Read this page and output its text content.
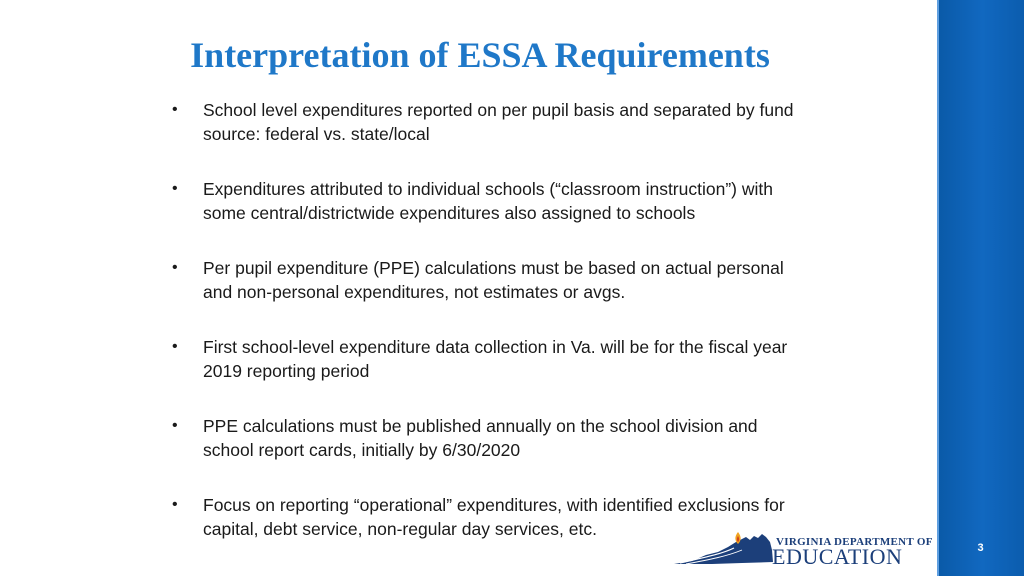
Interpretation of ESSA Requirements
• School level expenditures reported on per pupil basis and separated by fund source: federal vs. state/local
• Expenditures attributed to individual schools (“classroom instruction”) with some central/districtwide expenditures also assigned to schools
• Per pupil expenditure (PPE) calculations must be based on actual personal and non-personal expenditures, not estimates or avgs.
• First school-level expenditure data collection in Va. will be for the fiscal year 2019 reporting period
• PPE calculations must be published annually on the school division and school report cards, initially by 6/30/2020
• Focus on reporting “operational” expenditures, with identified exclusions for capital, debt service, non-regular day services, etc.
VIRGINIA DEPARTMENT OF
EDUCATION	3
